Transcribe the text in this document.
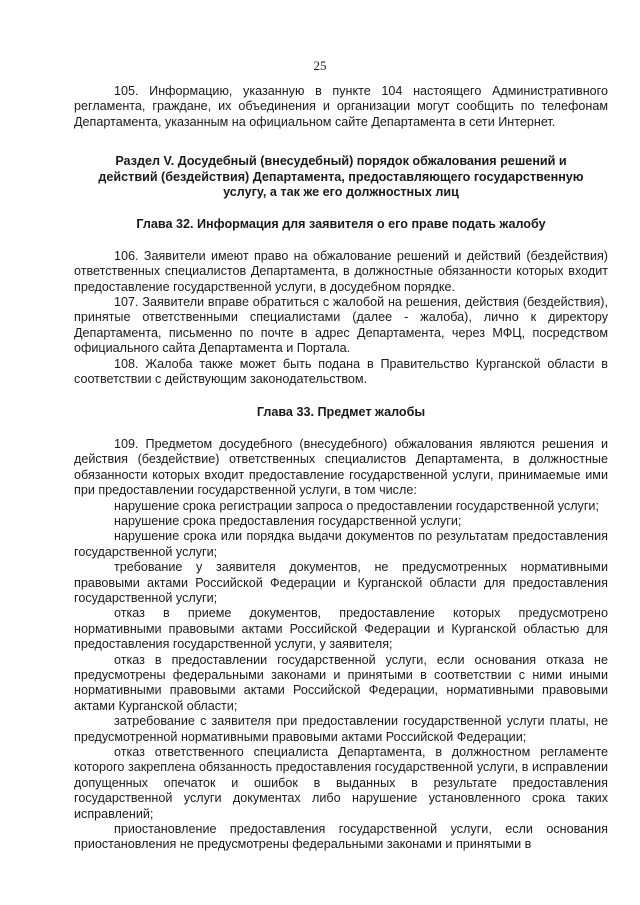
25

105. Информацию, указанную в пункте 104 настоящего Административного регламента, граждане, их объединения и организации могут сообщить по телефонам Департамента, указанным на официальном сайте Департамента в сети Интернет.

Раздел V. Досудебный (внесудебный) порядок обжалования решений и действий (бездействия) Департамента, предоставляющего государственную услугу, а так же его должностных лиц

Глава 32. Информация для заявителя о его праве подать жалобу

106. Заявители имеют право на обжалование решений и действий (бездействия) ответственных специалистов Департамента, в должностные обязанности которых входит предоставление государственной услуги, в досудебном порядке.

107. Заявители вправе обратиться с жалобой на решения, действия (бездействия), принятые ответственными специалистами (далее - жалоба), лично к директору Департамента, письменно по почте в адрес Департамента, через МФЦ, посредством официального сайта Департамента и Портала.

108. Жалоба также может быть подана в Правительство Курганской области в соответствии с действующим законодательством.

Глава 33. Предмет жалобы

109. Предметом досудебного (внесудебного) обжалования являются решения и действия (бездействие) ответственных специалистов Департамента, в должностные обязанности которых входит предоставление государственной услуги, принимаемые ими при предоставлении государственной услуги, в том числе:

нарушение срока регистрации запроса о предоставлении государственной услуги;

нарушение срока предоставления государственной услуги;

нарушение срока или порядка выдачи документов по результатам предоставления государственной услуги;

требование у заявителя документов, не предусмотренных нормативными правовыми актами Российской Федерации и Курганской области для предоставления государственной услуги;

отказ в приеме документов, предоставление которых предусмотрено нормативными правовыми актами Российской Федерации и Курганской областью для предоставления государственной услуги, у заявителя;

отказ в предоставлении государственной услуги, если основания отказа не предусмотрены федеральными законами и принятыми в соответствии с ними иными нормативными правовыми актами Российской Федерации, нормативными правовыми актами Курганской области;

затребование с заявителя при предоставлении государственной услуги платы, не предусмотренной нормативными правовыми актами Российской Федерации;

отказ ответственного специалиста Департамента, в должностном регламенте которого закреплена обязанность предоставления государственной услуги, в исправлении допущенных опечаток и ошибок в выданных в результате предоставления государственной услуги документах либо нарушение установленного срока таких исправлений;

приостановление предоставления государственной услуги, если основания приостановления не предусмотрены федеральными законами и принятыми в
